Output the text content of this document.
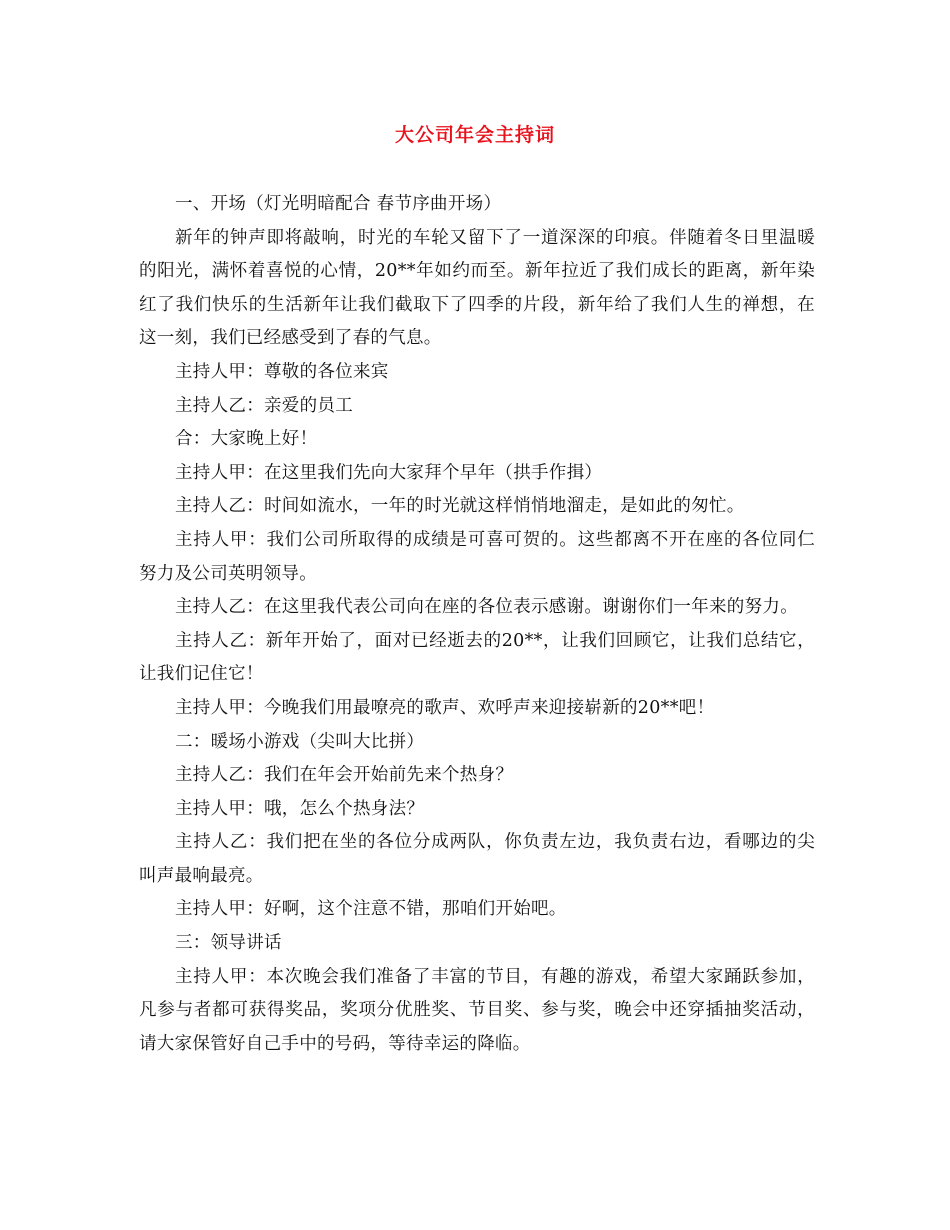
大公司年会主持词

一、开场（灯光明暗配合 春节序曲开场）

新年的钟声即将敲响，时光的车轮又留下了一道深深的印痕。伴随着冬日里温暖的阳光，满怀着喜悦的心情，20**年如约而至。新年拉近了我们成长的距离，新年染红了我们快乐的生活新年让我们截取下了四季的片段，新年给了我们人生的禅想，在这一刻，我们已经感受到了春的气息。

主持人甲：尊敬的各位来宾

主持人乙：亲爱的员工

合：大家晚上好！

主持人甲：在这里我们先向大家拜个早年（拱手作揖）

主持人乙：时间如流水，一年的时光就这样悄悄地溜走，是如此的匆忙。

主持人甲：我们公司所取得的成绩是可喜可贺的。这些都离不开在座的各位同仁努力及公司英明领导。

主持人乙：在这里我代表公司向在座的各位表示感谢。谢谢你们一年来的努力。

主持人乙：新年开始了，面对已经逝去的20**，让我们回顾它，让我们总结它，让我们记住它！

主持人甲：今晚我们用最嘹亮的歌声、欢呼声来迎接崭新的20**吧！

二：暖场小游戏（尖叫大比拼）

主持人乙：我们在年会开始前先来个热身？

主持人甲：哦，怎么个热身法？

主持人乙：我们把在坐的各位分成两队，你负责左边，我负责右边，看哪边的尖叫声最响最亮。

主持人甲：好啊，这个注意不错，那咱们开始吧。

三：领导讲话

主持人甲：本次晚会我们准备了丰富的节目，有趣的游戏，希望大家踊跃参加，凡参与者都可获得奖品，奖项分优胜奖、节目奖、参与奖，晚会中还穿插抽奖活动，请大家保管好自己手中的号码，等待幸运的降临。
